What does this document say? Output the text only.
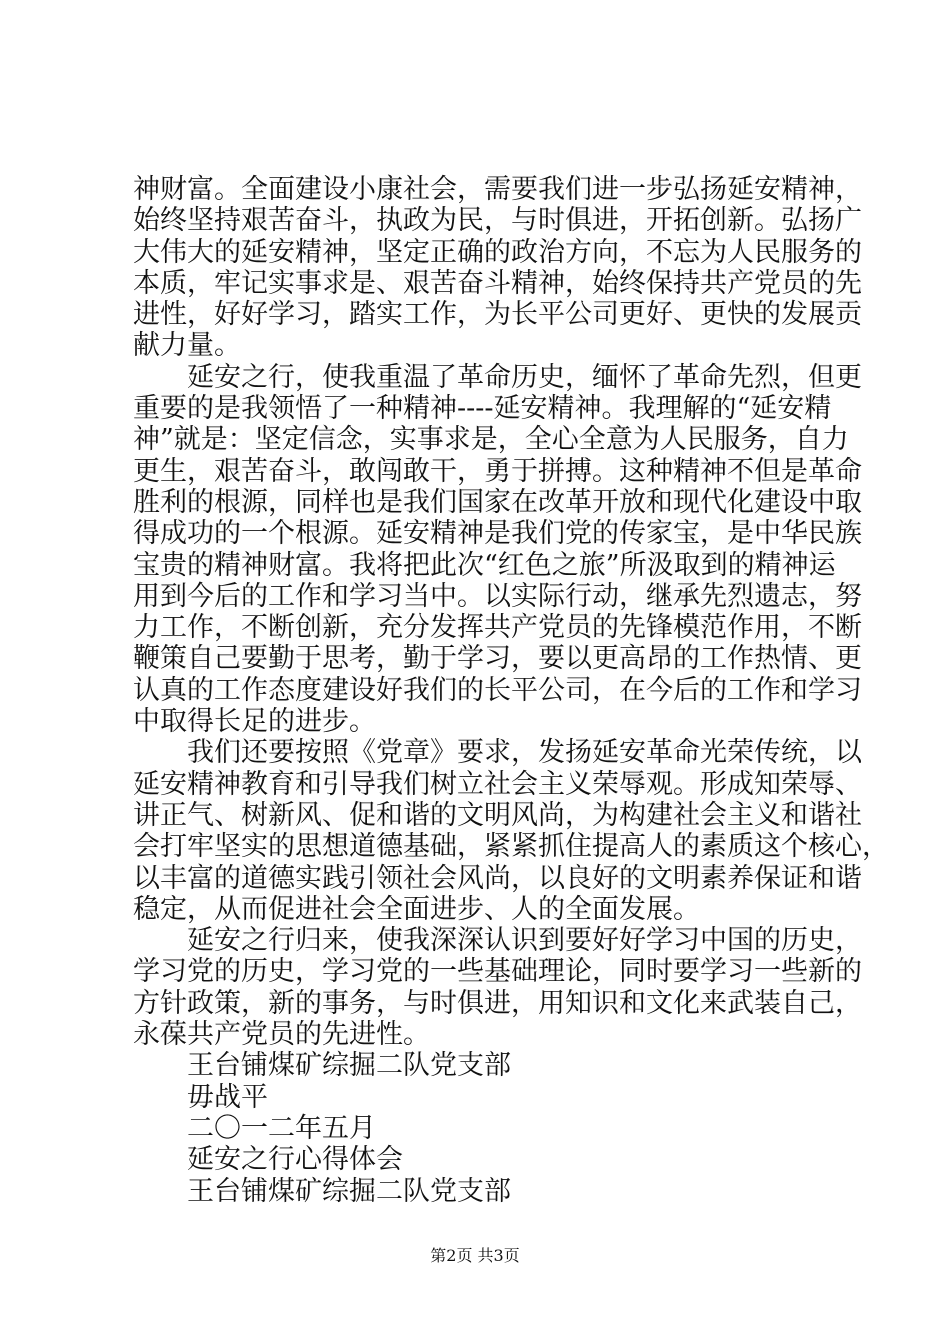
神财富。全面建设小康社会，需要我们进一步弘扬延安精神，
始终坚持艰苦奋斗，执政为民，与时俱进，开拓创新。弘扬广
大伟大的延安精神，坚定正确的政治方向，不忘为人民服务的
本质，牢记实事求是、艰苦奋斗精神，始终保持共产党员的先
进性，好好学习，踏实工作，为长平公司更好、更快的发展贡
献力量。
　　延安之行，使我重温了革命历史，缅怀了革命先烈，但更
重要的是我领悟了一种精神----延安精神。我理解的“延安精
神”就是：坚定信念，实事求是，全心全意为人民服务，自力
更生，艰苦奋斗，敢闯敢干，勇于拼搏。这种精神不但是革命
胜利的根源，同样也是我们国家在改革开放和现代化建设中取
得成功的一个根源。延安精神是我们党的传家宝，是中华民族
宝贵的精神财富。我将把此次“红色之旅”所汲取到的精神运
用到今后的工作和学习当中。以实际行动，继承先烈遗志，努
力工作，不断创新，充分发挥共产党员的先锋模范作用，不断
鞭策自己要勤于思考，勤于学习，要以更高昂的工作热情、更
认真的工作态度建设好我们的长平公司，在今后的工作和学习
中取得长足的进步。
　　我们还要按照《党章》要求，发扬延安革命光荣传统，以
延安精神教育和引导我们树立社会主义荣辱观。形成知荣辱、
讲正气、树新风、促和谐的文明风尚，为构建社会主义和谐社
会打牢坚实的思想道德基础，紧紧抓住提高人的素质这个核心，
以丰富的道德实践引领社会风尚，以良好的文明素养保证和谐
稳定，从而促进社会全面进步、人的全面发展。
　　延安之行归来，使我深深认识到要好好学习中国的历史，
学习党的历史，学习党的一些基础理论，同时要学习一些新的
方针政策，新的事务，与时俱进，用知识和文化来武装自己，
永葆共产党员的先进性。
　　王台铺煤矿综掘二队党支部
　　毋战平
　　二〇一二年五月
　　延安之行心得体会
　　王台铺煤矿综掘二队党支部
第2页 共3页
